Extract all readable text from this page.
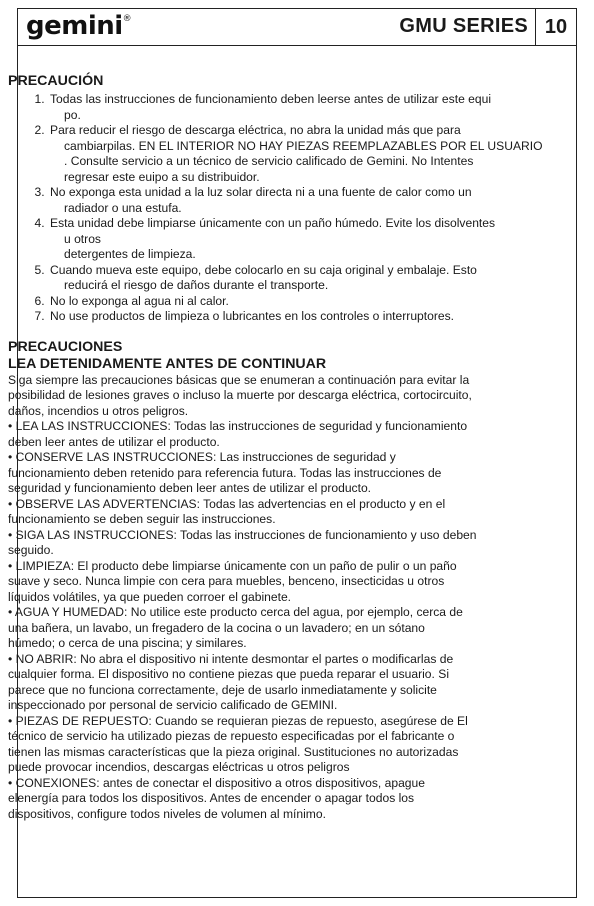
gemini®	GMU SERIES 10
PRECAUCIÓN
1. Todas las instrucciones de funcionamiento deben leerse antes de utilizar este equi
po.
2. Para reducir el riesgo de descarga eléctrica, no abra la unidad más que para
cambiarpilas. EN EL INTERIOR NO HAY PIEZAS REEMPLAZABLES POR EL USUARIO
. Consulte servicio a un técnico de servicio calificado de Gemini. No Intentes
regresar este euipo a su distribuidor.
3. No exponga esta unidad a la luz solar directa ni a una fuente de calor como un
radiador o una estufa.
4. Esta unidad debe limpiarse únicamente con un paño húmedo. Evite los disolventes
u otros
detergentes de limpieza.
5. Cuando mueva este equipo, debe colocarlo en su caja original y embalaje. Esto
reducirá el riesgo de daños durante el transporte.
6. No lo exponga al agua ni al calor.
7. No use productos de limpieza o lubricantes en los controles o interruptores.
PRECAUCIONES
LEA DETENIDAMENTE ANTES DE CONTINUAR

Siga siempre las precauciones básicas que se enumeran a continuación para evitar la

posibilidad de lesiones graves o incluso la muerte por descarga eléctrica, cortocircuito,

daños, incendios u otros peligros.

• LEA LAS INSTRUCCIONES: Todas las instrucciones de seguridad y funcionamiento

deben leer antes de utilizar el producto.

• CONSERVE LAS INSTRUCCIONES: Las instrucciones de seguridad y

funcionamiento deben retenido para referencia futura. Todas las instrucciones de

seguridad y funcionamiento deben leer antes de utilizar el producto.

• OBSERVE LAS ADVERTENCIAS: Todas las advertencias en el producto y en el

funcionamiento se deben seguir las instrucciones.

• SIGA LAS INSTRUCCIONES: Todas las instrucciones de funcionamiento y uso deben

seguido.

• LIMPIEZA: El producto debe limpiarse únicamente con un paño de pulir o un paño

suave y seco. Nunca limpie con cera para muebles, benceno, insecticidas u otros

líquidos volátiles, ya que pueden corroer el gabinete.

• AGUA Y HUMEDAD: No utilice este producto cerca del agua, por ejemplo, cerca de

una bañera, un lavabo, un fregadero de la cocina o un lavadero; en un sótano

húmedo; o cerca de una piscina; y similares.

• NO ABRIR: No abra el dispositivo ni intente desmontar el partes o modificarlas de

cualquier forma. El dispositivo no contiene piezas que pueda reparar el usuario. Si

parece que no funciona correctamente, deje de usarlo inmediatamente y solicite

inspeccionado por personal de servicio calificado de GEMINI.

• PIEZAS DE REPUESTO: Cuando se requieran piezas de repuesto, asegúrese de El

técnico de servicio ha utilizado piezas de repuesto especificadas por el fabricante o

tienen las mismas características que la pieza original. Sustituciones no autorizadas

puede provocar incendios, descargas eléctricas u otros peligros

• CONEXIONES: antes de conectar el dispositivo a otros dispositivos, apague

elenergía para todos los dispositivos. Antes de encender o apagar todos los

dispositivos, configure todos niveles de volumen al mínimo.
